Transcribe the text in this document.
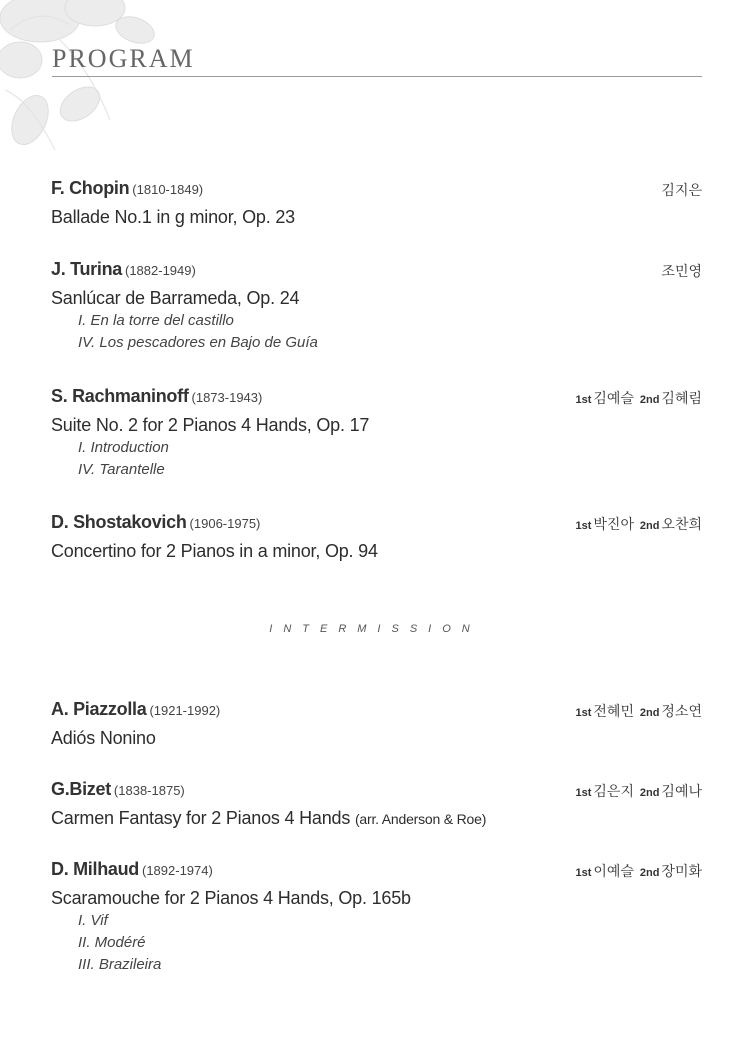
PROGRAM
F. Chopin (1810-1849)	김지은
Ballade No.1 in g minor, Op. 23
J. Turina (1882-1949)	조민영
Sanlúcar de Barrameda, Op. 24
I. En la torre del castillo
IV. Los pescadores en Bajo de Guía
S. Rachmaninoff (1873-1943)	1st 김예슬 2nd 김혜림
Suite No. 2 for 2 Pianos 4 Hands, Op. 17
I. Introduction
IV. Tarantelle
D. Shostakovich (1906-1975)	1st 박진아 2nd 오찬희
Concertino for 2 Pianos in a minor, Op. 94
INTERMISSION
A. Piazzolla (1921-1992)	1st 전혜민 2nd 정소연
Adiós Nonino
G.Bizet (1838-1875)	1st 김은지 2nd 김예나
Carmen Fantasy for 2 Pianos 4 Hands (arr. Anderson & Roe)
D. Milhaud (1892-1974)	1st 이예슬 2nd 장미화
Scaramouche for 2 Pianos 4 Hands, Op. 165b
I. Vif
II. Modéré
III. Brazileira
